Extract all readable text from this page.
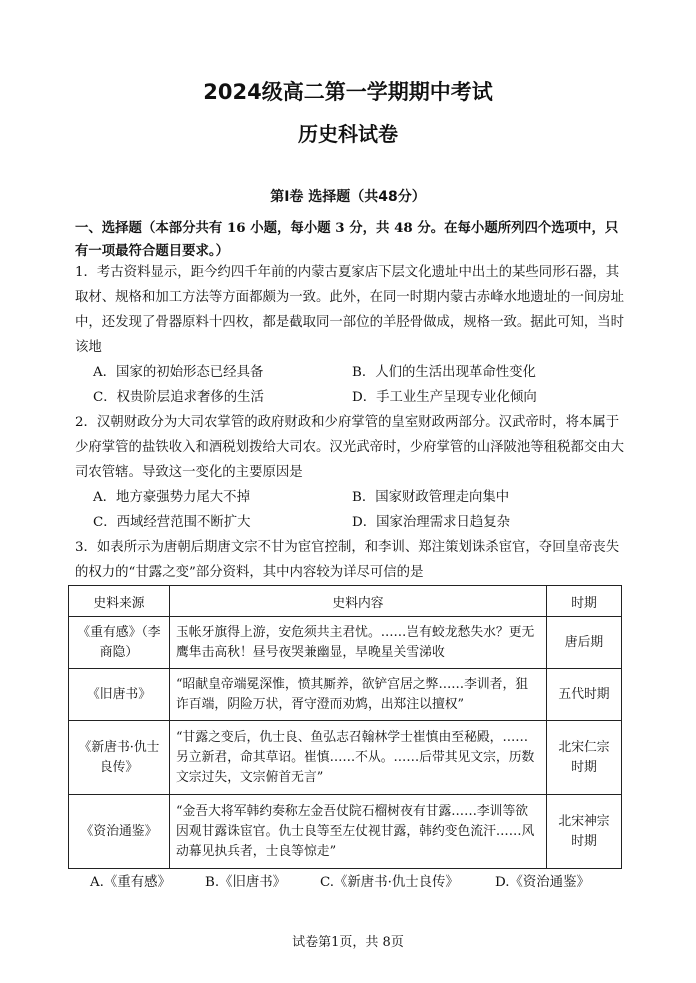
2024级高二第一学期期中考试
历史科试卷
第Ⅰ卷 选择题（共48分）

一、选择题（本部分共有 16 小题，每小题 3 分，共 48 分。在每小题所列四个选项中，只有一项最符合题目要求。）

1．考古资料显示，距今约四千年前的内蒙古夏家店下层文化遗址中出土的某些同形石器，其取材、规格和加工方法等方面都颇为一致。此外，在同一时期内蒙古赤峰水地遗址的一间房址中，还发现了骨器原料十四枚，都是截取同一部位的羊胫骨做成，规格一致。据此可知，当时该地

A．国家的初始形态已经具备	B．人们的生活出现革命性变化
C．权贵阶层追求奢侈的生活	D．手工业生产呈现专业化倾向

2．汉朝财政分为大司农掌管的政府财政和少府掌管的皇室财政两部分。汉武帝时，将本属于少府掌管的盐铁收入和酒税划拨给大司农。汉光武帝时，少府掌管的山泽陂池等租税都交由大司农管辖。导致这一变化的主要原因是

A．地方豪强势力尾大不掉	B．国家财政管理走向集中
C．西域经营范围不断扩大	D．国家治理需求日趋复杂

3．如表所示为唐朝后期唐文宗不甘为宦官控制，和李训、郑注策划诛杀宦官，夺回皇帝丧失的权力的“甘露之变”部分资料，其中内容较为详尽可信的是

史料来源	史料内容	时期
《重有感》（李商隐）	玉帐牙旗得上游，安危须共主君忧。……岂有蛟龙愁失水？更无鹰隼击高秋！昼号夜哭兼幽显，早晚星关雪涕收	唐后期
《旧唐书》	“昭献皇帝端冕深惟，愤其厮养，欲铲宫居之弊……李训者，狙诈百端，阴险万状，胥守澄而劝鸩，出郑注以擅权”	五代时期
《新唐书·仇士良传》	“甘露之变后，仇士良、鱼弘志召翰林学士崔慎由至秘殿，……另立新君，命其草诏。崔慎……不从。……后带其见文宗，历数文宗过失，文宗俯首无言”	北宋仁宗时期
《资治通鉴》	“金吾大将军韩约奏称左金吾仗院石榴树夜有甘露……李训等欲因观甘露诛宦官。仇士良等至左仗视甘露，韩约变色流汗……风动幕见执兵者，士良等惊走”	北宋神宗时期
A.《重有感》	B.《旧唐书》	C.《新唐书·仇士良传》	D.《资治通鉴》
试卷第1页，共 8页
